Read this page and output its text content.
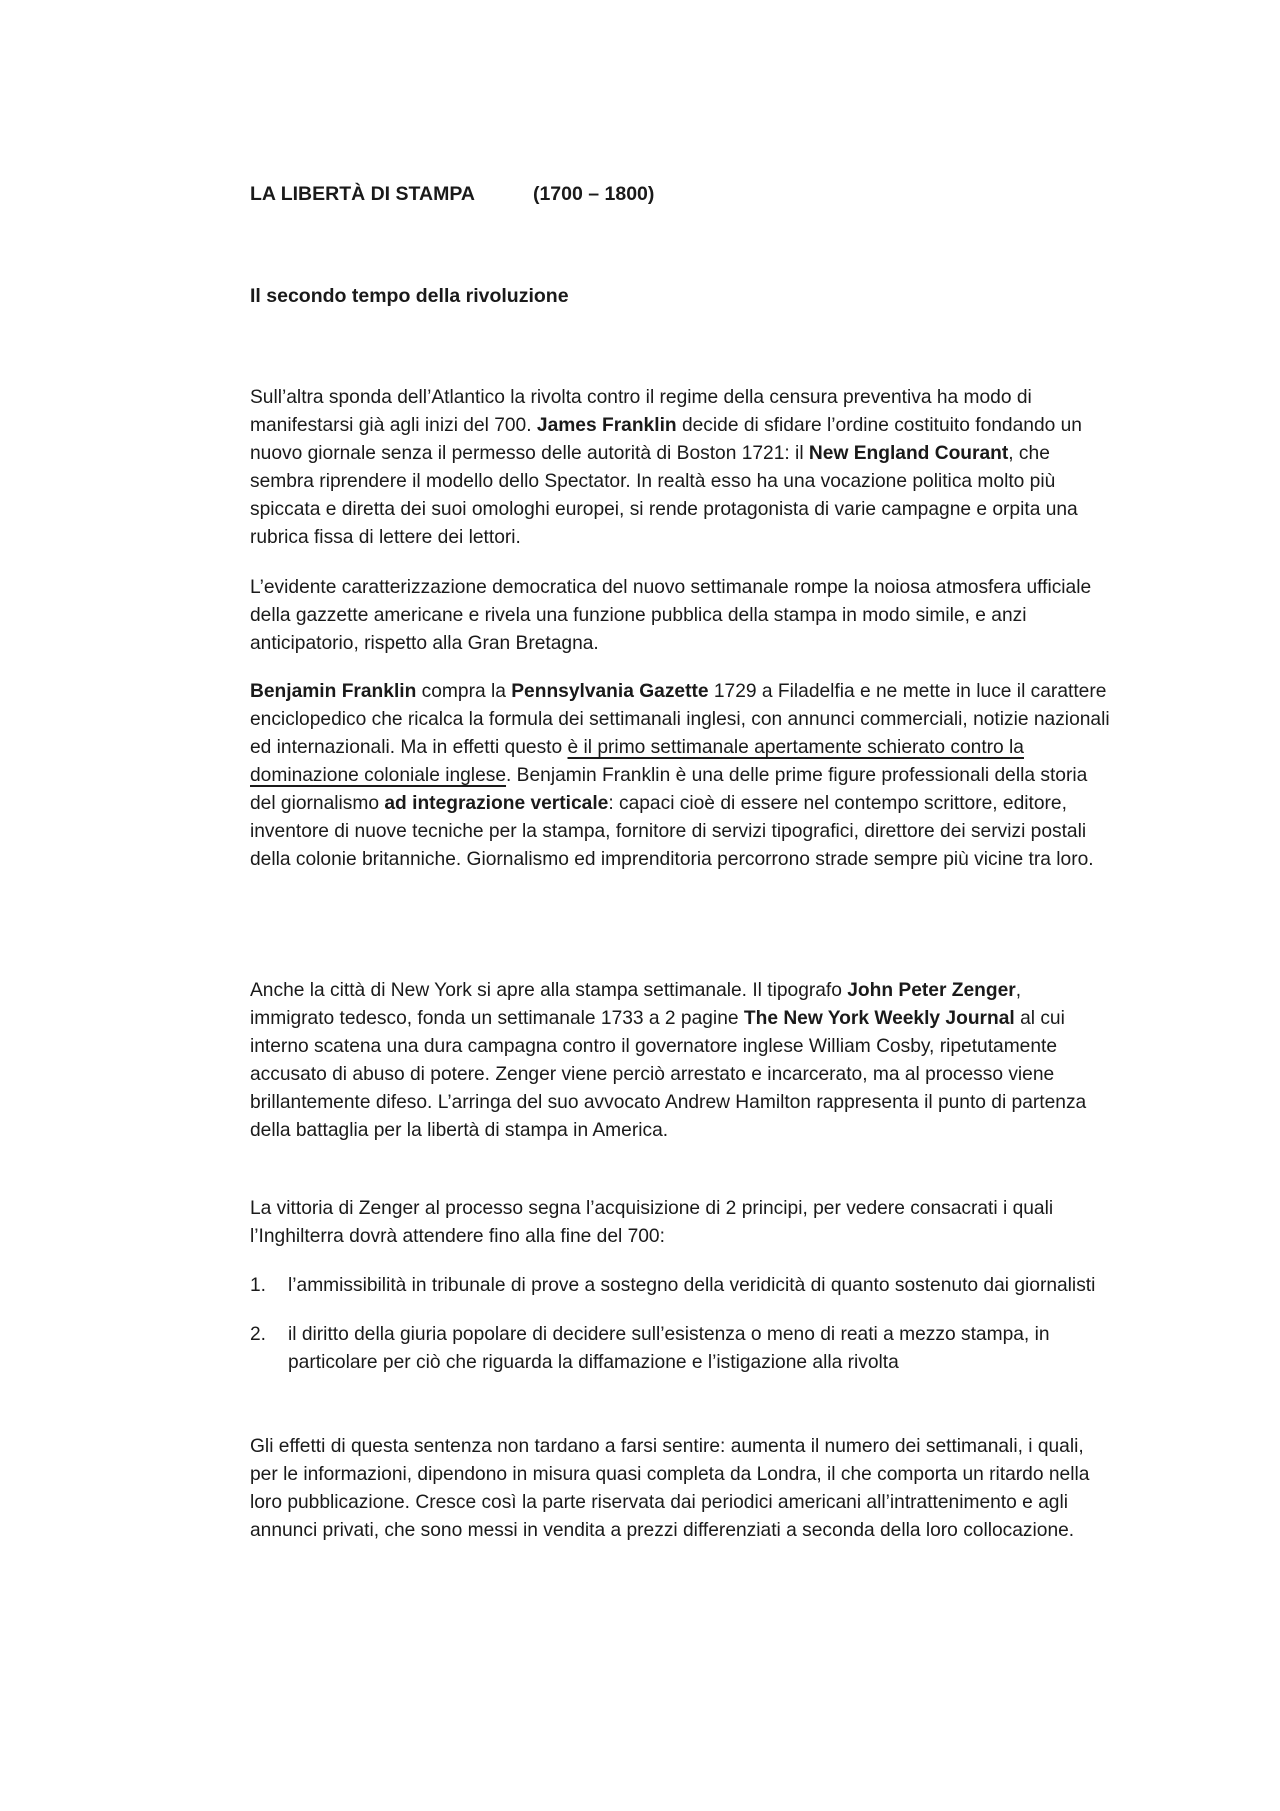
LA LIBERTÀ DI STAMPA	(1700 – 1800)
Il secondo tempo della rivoluzione

Sull’altra sponda dell’Atlantico la rivolta contro il regime della censura preventiva ha modo di manifestarsi già agli inizi del 700. James Franklin decide di sfidare l’ordine costituito fondando un nuovo giornale senza il permesso delle autorità di Boston 1721: il New England Courant, che sembra riprendere il modello dello Spectator. In realtà esso ha una vocazione politica molto più spiccata e diretta dei suoi omologhi europei, si rende protagonista di varie campagne e orpita una rubrica fissa di lettere dei lettori.

L’evidente caratterizzazione democratica del nuovo settimanale rompe la noiosa atmosfera ufficiale della gazzette americane e rivela una funzione pubblica della stampa in modo simile, e anzi anticipatorio, rispetto alla Gran Bretagna.

Benjamin Franklin compra la Pennsylvania Gazette 1729 a Filadelfia e ne mette in luce il carattere enciclopedico che ricalca la formula dei settimanali inglesi, con annunci commerciali, notizie nazionali ed internazionali. Ma in effetti questo è il primo settimanale apertamente schierato contro la dominazione coloniale inglese. Benjamin Franklin è una delle prime figure professionali della storia del giornalismo ad integrazione verticale: capaci cioè di essere nel contempo scrittore, editore, inventore di nuove tecniche per la stampa, fornitore di servizi tipografici, direttore dei servizi postali della colonie britanniche. Giornalismo ed imprenditoria percorrono strade sempre più vicine tra loro.

Anche la città di New York si apre alla stampa settimanale. Il tipografo John Peter Zenger, immigrato tedesco, fonda un settimanale 1733 a 2 pagine The New York Weekly Journal al cui interno scatena una dura campagna contro il governatore inglese William Cosby, ripetutamente accusato di abuso di potere. Zenger viene perciò arrestato e incarcerato, ma al processo viene brillantemente difeso. L’arringa del suo avvocato Andrew Hamilton rappresenta il punto di partenza della battaglia per la libertà di stampa in America.

La vittoria di Zenger al processo segna l’acquisizione di 2 principi, per vedere consacrati i quali l’Inghilterra dovrà attendere fino alla fine del 700:

1. l’ammissibilità in tribunale di prove a sostegno della veridicità di quanto sostenuto dai giornalisti
2. il diritto della giuria popolare di decidere sull’esistenza o meno di reati a mezzo stampa, in particolare per ciò che riguarda la diffamazione e l’istigazione alla rivolta

Gli effetti di questa sentenza non tardano a farsi sentire: aumenta il numero dei settimanali, i quali, per le informazioni, dipendono in misura quasi completa da Londra, il che comporta un ritardo nella loro pubblicazione. Cresce così la parte riservata dai periodici americani all’intrattenimento e agli annunci privati, che sono messi in vendita a prezzi differenziati a seconda della loro collocazione.
